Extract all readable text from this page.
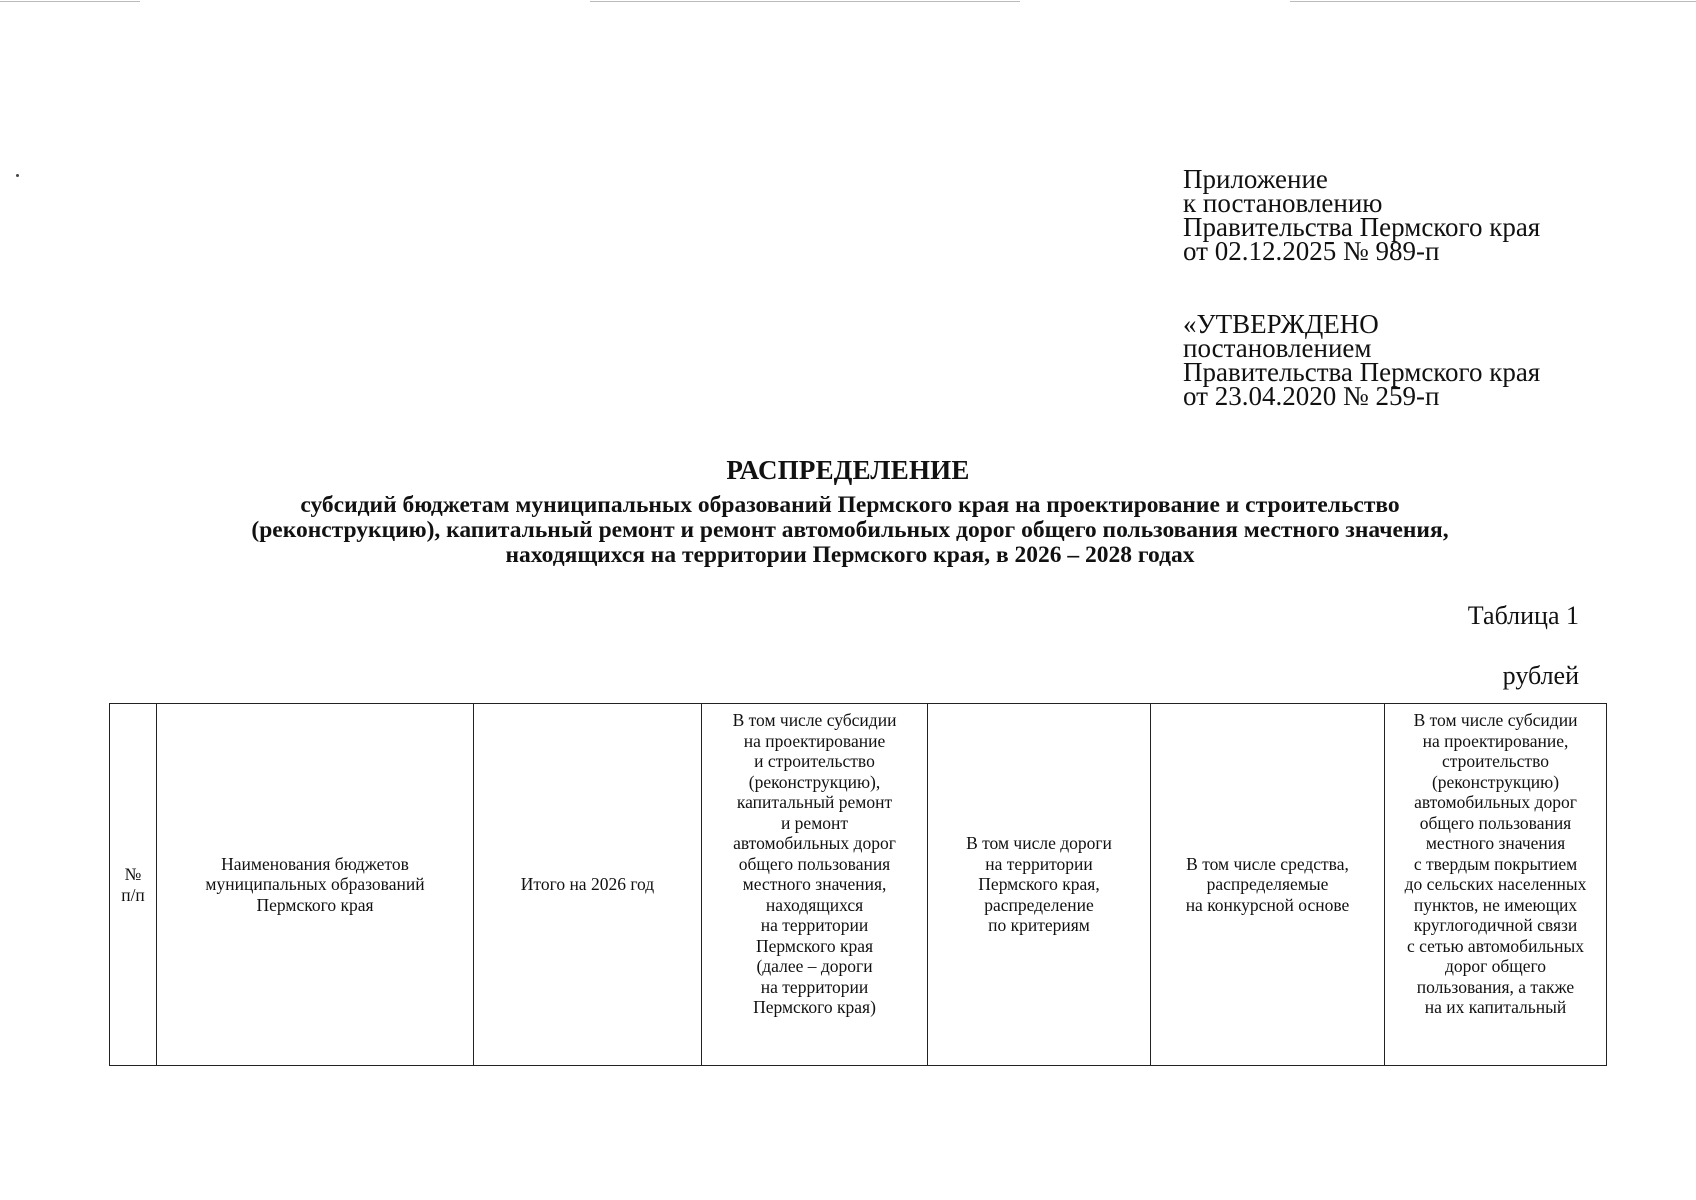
Приложение
к постановлению
Правительства Пермского края
от 02.12.2025 № 989-п
«УТВЕРЖДЕНО
постановлением
Правительства Пермского края
от 23.04.2020 № 259-п
РАСПРЕДЕЛЕНИЕ
субсидий бюджетам муниципальных образований Пермского края на проектирование и строительство
(реконструкцию), капитальный ремонт и ремонт автомобильных дорог общего пользования местного значения,
находящихся на территории Пермского края, в 2026 – 2028 годах
Таблица 1
рублей
№
п/п

Наименования бюджетов
муниципальных образований
Пермского края

Итого на 2026 год

В том числе субсидии
на проектирование
и строительство
(реконструкцию),
капитальный ремонт
и ремонт
автомобильных дорог
общего пользования
местного значения,
находящихся
на территории
Пермского края
(далее – дороги
на территории
Пермского края)

В том числе дороги
на территории
Пермского края,
распределение
по критериям

В том числе средства,
распределяемые
на конкурсной основе

В том числе субсидии
на проектирование,
строительство
(реконструкцию)
автомобильных дорог
общего пользования
местного значения
с твердым покрытием
до сельских населенных
пунктов, не имеющих
круглогодичной связи
с сетью автомобильных
дорог общего
пользования, а также
на их капитальный
